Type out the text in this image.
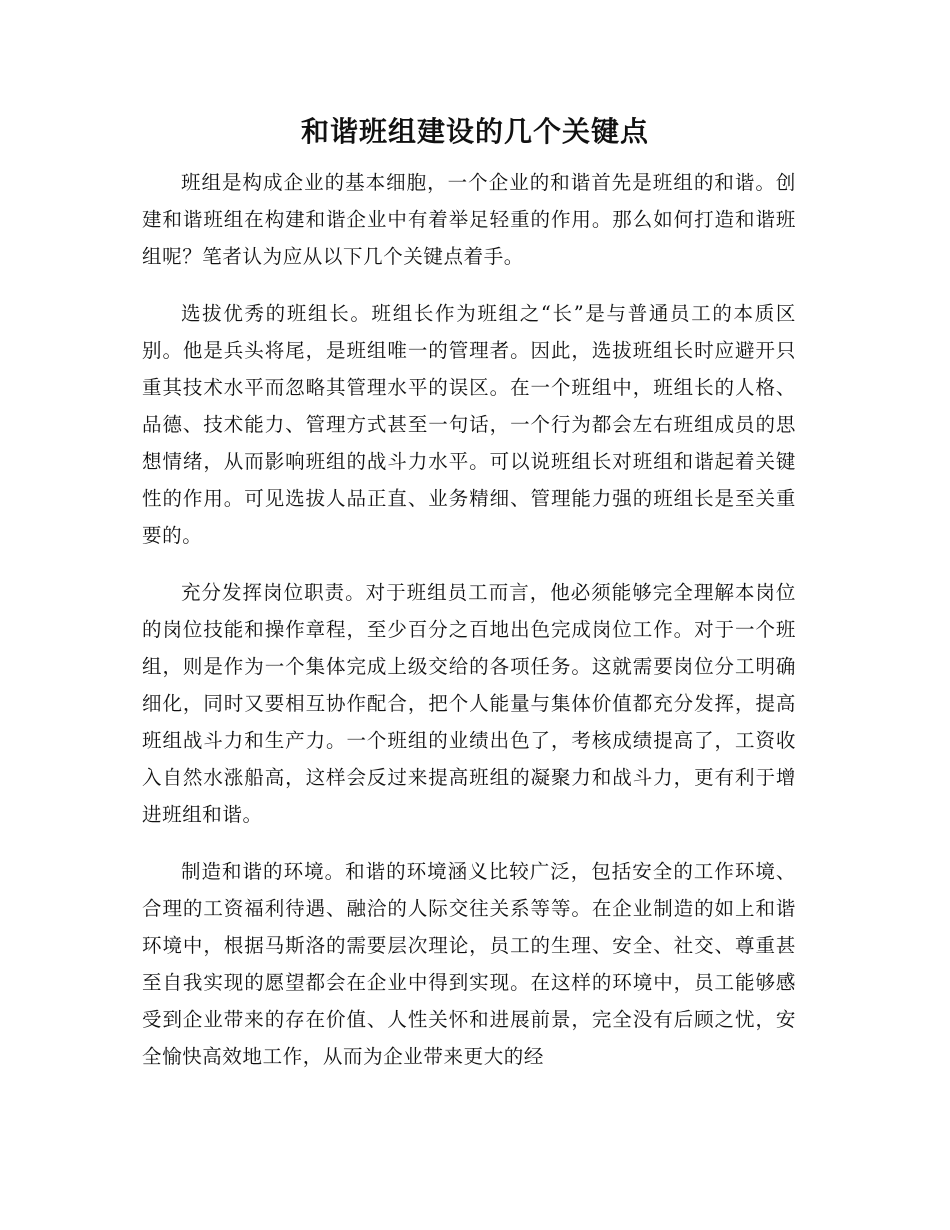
和谐班组建设的几个关键点

班组是构成企业的基本细胞，一个企业的和谐首先是班组的和谐。创建和谐班组在构建和谐企业中有着举足轻重的作用。那么如何打造和谐班组呢？笔者认为应从以下几个关键点着手。

选拔优秀的班组长。班组长作为班组之“长”是与普通员工的本质区别。他是兵头将尾，是班组唯一的管理者。因此，选拔班组长时应避开只重其技术水平而忽略其管理水平的误区。在一个班组中，班组长的人格、品德、技术能力、管理方式甚至一句话，一个行为都会左右班组成员的思想情绪，从而影响班组的战斗力水平。可以说班组长对班组和谐起着关键性的作用。可见选拔人品正直、业务精细、管理能力强的班组长是至关重要的。

充分发挥岗位职责。对于班组员工而言，他必须能够完全理解本岗位的岗位技能和操作章程，至少百分之百地出色完成岗位工作。对于一个班组，则是作为一个集体完成上级交给的各项任务。这就需要岗位分工明确细化，同时又要相互协作配合，把个人能量与集体价值都充分发挥，提高班组战斗力和生产力。一个班组的业绩出色了，考核成绩提高了，工资收入自然水涨船高，这样会反过来提高班组的凝聚力和战斗力，更有利于增进班组和谐。

制造和谐的环境。和谐的环境涵义比较广泛，包括安全的工作环境、合理的工资福利待遇、融洽的人际交往关系等等。在企业制造的如上和谐环境中，根据马斯洛的需要层次理论，员工的生理、安全、社交、尊重甚至自我实现的愿望都会在企业中得到实现。在这样的环境中，员工能够感受到企业带来的存在价值、人性关怀和进展前景，完全没有后顾之忧，安全愉快高效地工作，从而为企业带来更大的经
